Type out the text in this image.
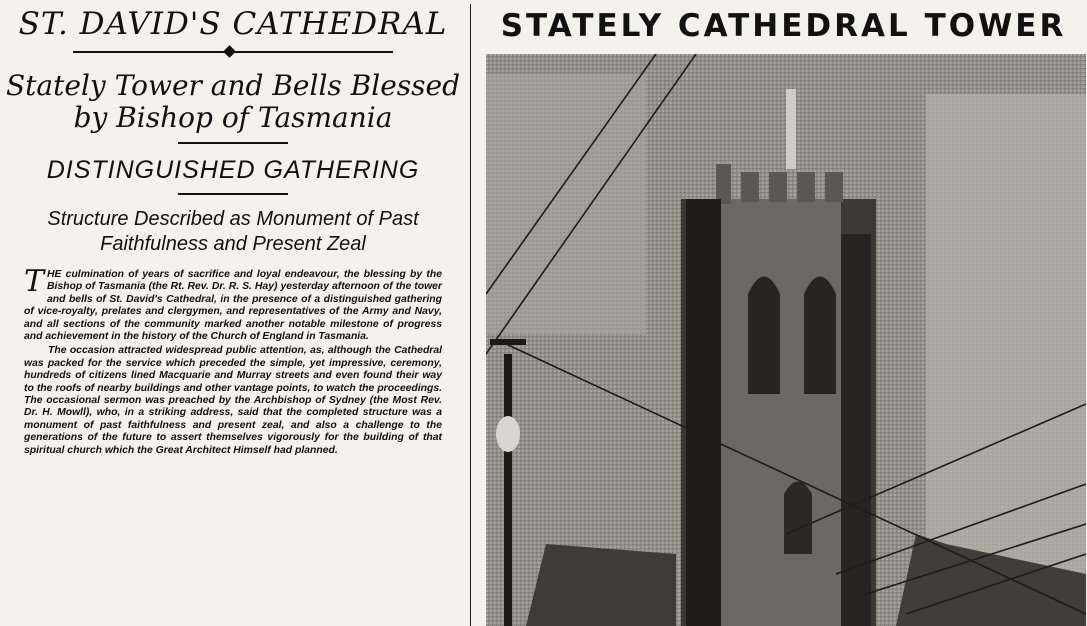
ST. DAVID'S CATHEDRAL
Stately Tower and Bells Blessed
by Bishop of Tasmania
DISTINGUISHED GATHERING
Structure Described as Monument of Past
Faithfulness and Present Zeal

THE culmination of years of sacrifice and loyal endeavour, the blessing by the Bishop of Tasmania (the Rt. Rev. Dr. R. S. Hay) yesterday afternoon of the tower and bells of St. David's Cathedral, in the presence of a distinguished gathering of vice-royalty, prelates and clergymen, and representatives of the Army and Navy, and all sections of the community marked another notable milestone of progress and achievement in the history of the Church of England in Tasmania.

The occasion attracted widespread public attention, as, although the Cathedral was packed for the service which preceded the simple, yet impressive, ceremony, hundreds of citizens lined Macquarie and Murray streets and even found their way to the roofs of nearby buildings and other vantage points, to watch the proceedings. The occasional sermon was preached by the Archbishop of Sydney (the Most Rev. Dr. H. Mowll), who, in a striking address, said that the completed structure was a monument of past faithfulness and present zeal, and also a challenge to the generations of the future to assert themselves vigorously for the building of that spiritual church which the Great Architect Himself had planned.

STATELY CATHEDRAL TOWER
